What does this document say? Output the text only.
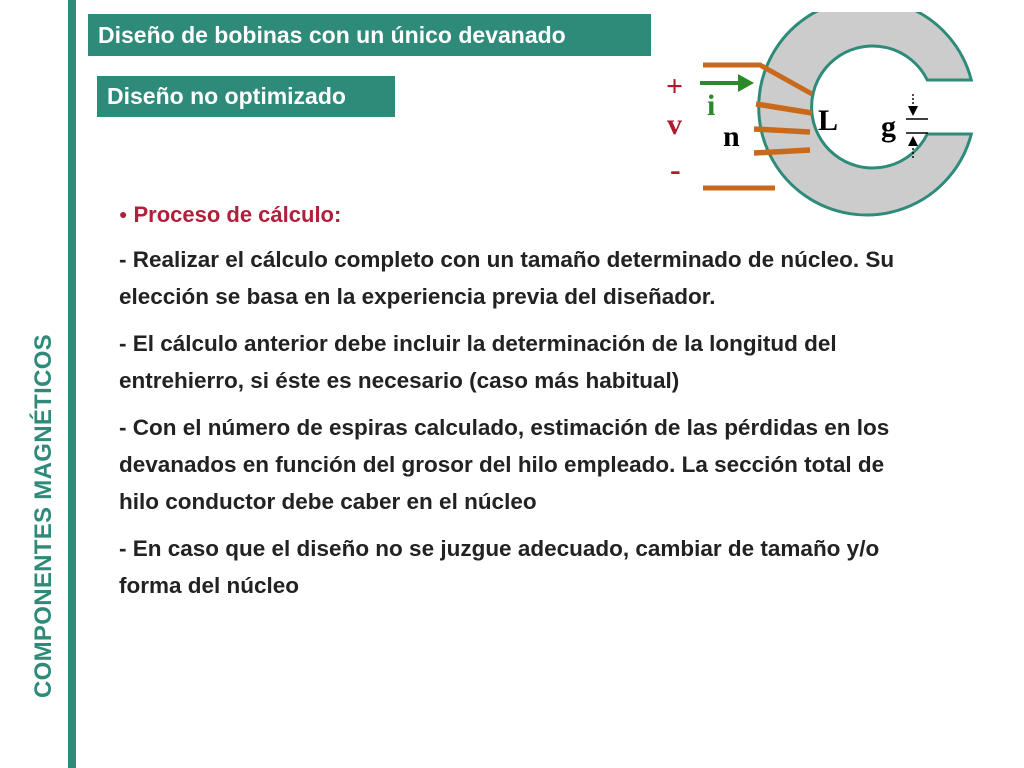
COMPONENTES MAGNÉTICOS
Diseño de bobinas con un único devanado
Diseño no optimizado	+
v
-
i
n	L g
● Proceso de cálculo:

- Realizar el cálculo completo con un tamaño determinado de núcleo. Su elección se basa en la experiencia previa del diseñador.

- El cálculo anterior debe incluir la determinación de la longitud del entrehierro, si éste es necesario (caso más habitual)

- Con el número de espiras calculado, estimación de las pérdidas en los devanados en función del grosor del hilo empleado. La sección total de hilo conductor debe caber en el núcleo

- En caso que el diseño no se juzgue adecuado, cambiar de tamaño y/o forma del núcleo
